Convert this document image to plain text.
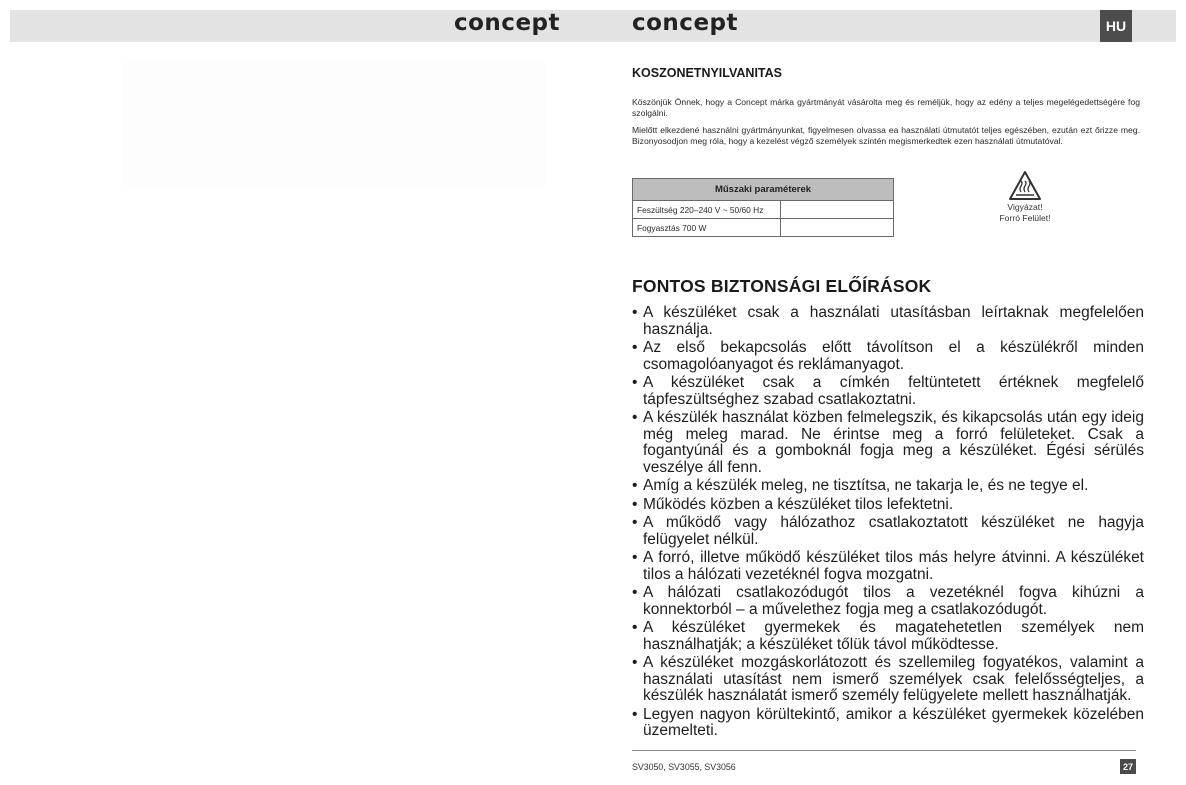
concept	concept	HU
KOSZONETNYILVANITAS

Köszönjük Önnek, hogy a Concept márka gyártmányát vásárolta meg és reméljük, hogy az edény a teljes megelégedettségére fog szolgálni.

Mielőtt elkezdené használni gyártmányunkat, figyelmesen olvassa ea használati útmutatót teljes egészében, ezután ezt őrizze meg. Bizonyosodjon meg róla, hogy a kezelést végző személyek szintén megismerkedtek ezen használati útmutatóval.

Műszaki paraméterek	
Feszültség 220–240 V ~ 50/60 Hz	
Fogyasztás 700 W	
Vigyázat!
Forró Felület!
FONTOS BIZTONSÁGI ELŐÍRÁSOK
• A készüléket csak a használati utasításban leírtaknak megfelelően használja.
• Az első bekapcsolás előtt távolítson el a készülékről minden csomagolóanyagot és reklámanyagot.
• A készüléket csak a címkén feltüntetett értéknek megfelelő tápfeszültséghez szabad csatlakoztatni.
• A készülék használat közben felmelegszik, és kikapcsolás után egy ideig még meleg marad. Ne érintse meg a forró felületeket. Csak a fogantyúnál és a gomboknál fogja meg a készüléket. Égési sérülés veszélye áll fenn.
• Amíg a készülék meleg, ne tisztítsa, ne takarja le, és ne tegye el.
• Működés közben a készüléket tilos lefektetni.
• A működő vagy hálózathoz csatlakoztatott készüléket ne hagyja felügyelet nélkül.
• A forró, illetve működő készüléket tilos más helyre átvinni. A készüléket tilos a hálózati vezetéknél fogva mozgatni.
• A hálózati csatlakozódugót tilos a vezetéknél fogva kihúzni a konnektorból – a művelethez fogja meg a csatlakozódugót.
• A készüléket gyermekek és magatehetetlen személyek nem használhatják; a készüléket tőlük távol működtesse.
• A készüléket mozgáskorlátozott és szellemileg fogyatékos, valamint a használati utasítást nem ismerő személyek csak felelősségteljes, a készülék használatát ismerő személy felügyelete mellett használhatják.
• Legyen nagyon körültekintő, amikor a készüléket gyermekek közelében üzemelteti.
SV3050, SV3055, SV3056	27
